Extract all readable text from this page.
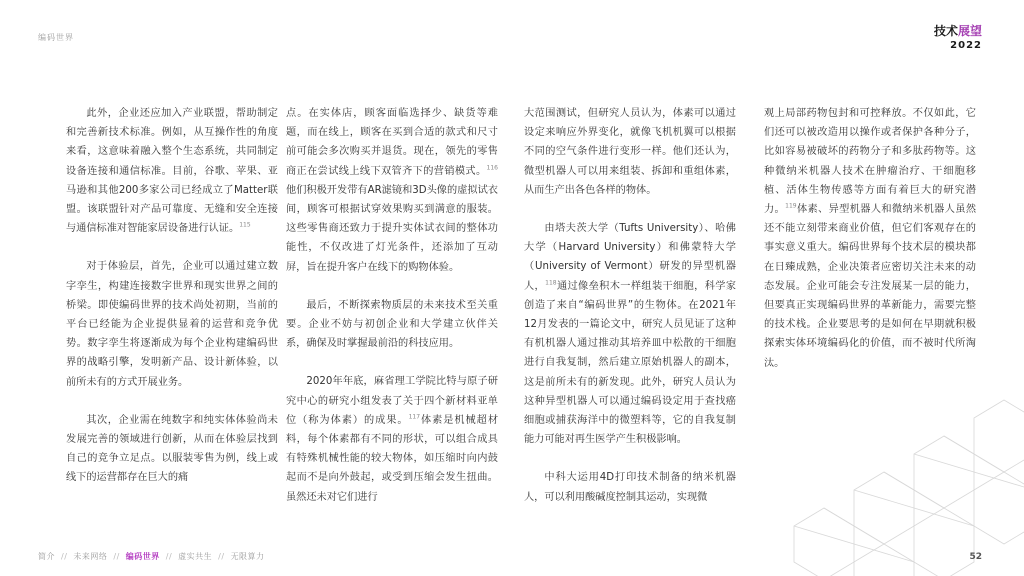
编码世界	技术展望
2022

此外，企业还应加入产业联盟，帮助制定和完善新技术标准。例如，从互操作性的角度来看，这意味着融入整个生态系统，共同制定设备连接和通信标准。目前，谷歌、苹果、亚马逊和其他200多家公司已经成立了Matter联盟。该联盟针对产品可靠度、无缝和安全连接与通信标准对智能家居设备进行认证。$^{115}$

对于体验层，首先，企业可以通过建立数字孪生，构建连接数字世界和现实世界之间的桥梁。即使编码世界的技术尚处初期，当前的平台已经能为企业提供显着的运营和竞争优势。数字孪生将逐渐成为每个企业构建编码世界的战略引擎，发明新产品、设计新体验，以前所未有的方式开展业务。

其次，企业需在纯数字和纯实体体验尚未发展完善的领域进行创新，从而在体验层找到自己的竞争立足点。以服装零售为例，线上或线下的运营都存在巨大的痛

点。在实体店，顾客面临选择少、缺货等难题，而在线上，顾客在买到合适的款式和尺寸前可能会多次购买并退货。现在，领先的零售商正在尝试线上线下双管齐下的营销模式。$^{116}$他们积极开发带有AR滤镜和3D头像的虚拟试衣间，顾客可根据试穿效果购买到满意的服装。这些零售商还致力于提升实体试衣间的整体功能性，不仅改进了灯光条件，还添加了互动屏，旨在提升客户在线下的购物体验。

最后，不断探索物质层的未来技术至关重要。企业不妨与初创企业和大学建立伙伴关系，确保及时掌握最前沿的科技应用。

2020年年底，麻省理工学院比特与原子研究中心的研究小组发表了关于四个新材料亚单位（称为体素）的成果。$^{117}$体素是机械超材料，每个体素都有不同的形状，可以组合成具有特殊机械性能的较大物体，如压缩时向内鼓起而不是向外鼓起，或受到压缩会发生扭曲。虽然还未对它们进行

大范围测试，但研究人员认为，体素可以通过设定来响应外界变化，就像飞机机翼可以根据不同的空气条件进行变形一样。他们还认为，微型机器人可以用来组装、拆卸和重组体素，从而生产出各色各样的物体。

由塔夫茨大学（Tufts University）、哈佛大学（Harvard University）和佛蒙特大学（University of Vermont）研发的异型机器人，$^{118}$通过像垒积木一样组装干细胞，科学家创造了来自“编码世界”的生物体。在2021年12月发表的一篇论文中，研究人员见证了这种有机机器人通过推动其培养皿中松散的干细胞进行自我复制，然后建立原始机器人的副本，这是前所未有的新发现。此外，研究人员认为这种异型机器人可以通过编码设定用于查找癌细胞或捕获海洋中的微塑料等，它的自我复制能力可能对再生医学产生积极影响。

中科大运用4D打印技术制备的纳米机器人，可以利用酸碱度控制其运动，实现微

观上局部药物包封和可控释放。不仅如此，它们还可以被改造用以操作或者保护各种分子，比如容易被破坏的药物分子和多肽药物等。这种微纳米机器人技术在肿瘤治疗、干细胞移植、活体生物传感等方面有着巨大的研究潜力。$^{119}$体素、异型机器人和微纳米机器人虽然还不能立刻带来商业价值，但它们客观存在的事实意义重大。编码世界每个技术层的模块都在日臻成熟，企业决策者应密切关注未来的动态发展。企业可能会专注发展某一层的能力，但要真正实现编码世界的革新能力，需要完整的技术栈。企业要思考的是如何在早期就积极探索实体环境编码化的价值，而不被时代所淘汰。

简介 // 未来网络 // 编码世界 // 虚实共生 // 无限算力	52
